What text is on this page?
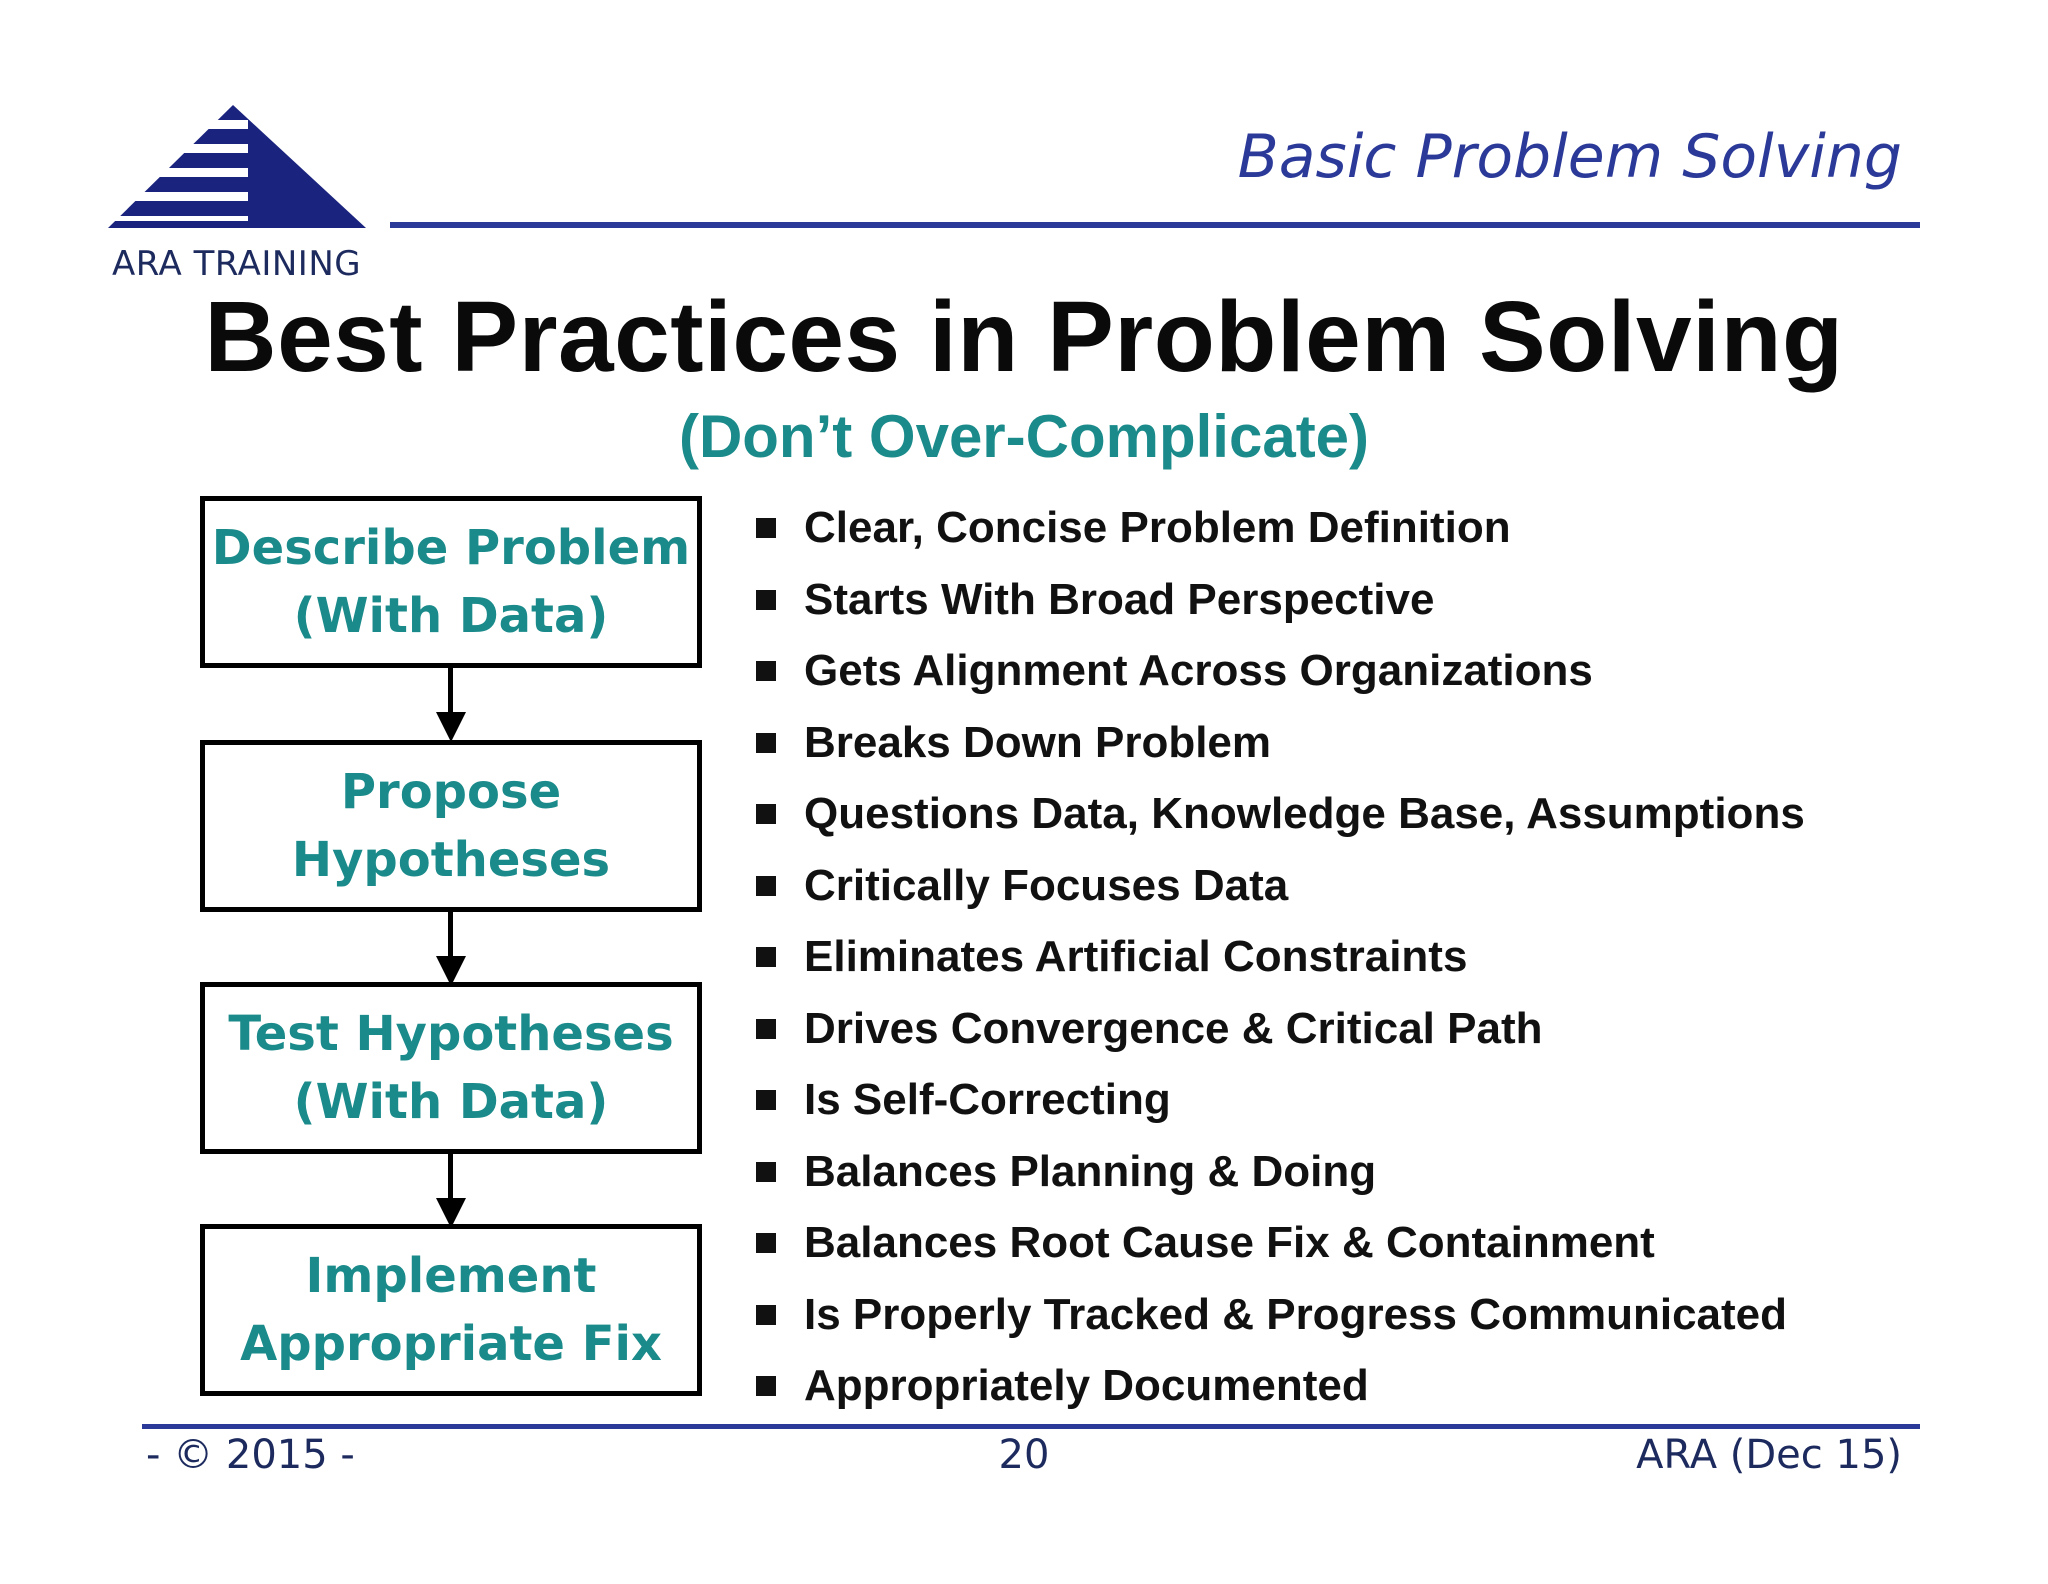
ARA TRAINING
Basic Problem Solving
Best Practices in Problem Solving
(Don’t Over-Complicate)
Describe Problem
(With Data)
Propose
Hypotheses
Test Hypotheses
(With Data)
Implement
Appropriate Fix
Clear, Concise Problem Definition
Starts With Broad Perspective
Gets Alignment Across Organizations
Breaks Down Problem
Questions Data, Knowledge Base, Assumptions
Critically Focuses Data
Eliminates Artificial Constraints
Drives Convergence & Critical Path
Is Self-Correcting
Balances Planning & Doing
Balances Root Cause Fix & Containment
Is Properly Tracked & Progress Communicated
Appropriately Documented
- © 2015 -	20	ARA (Dec 15)
